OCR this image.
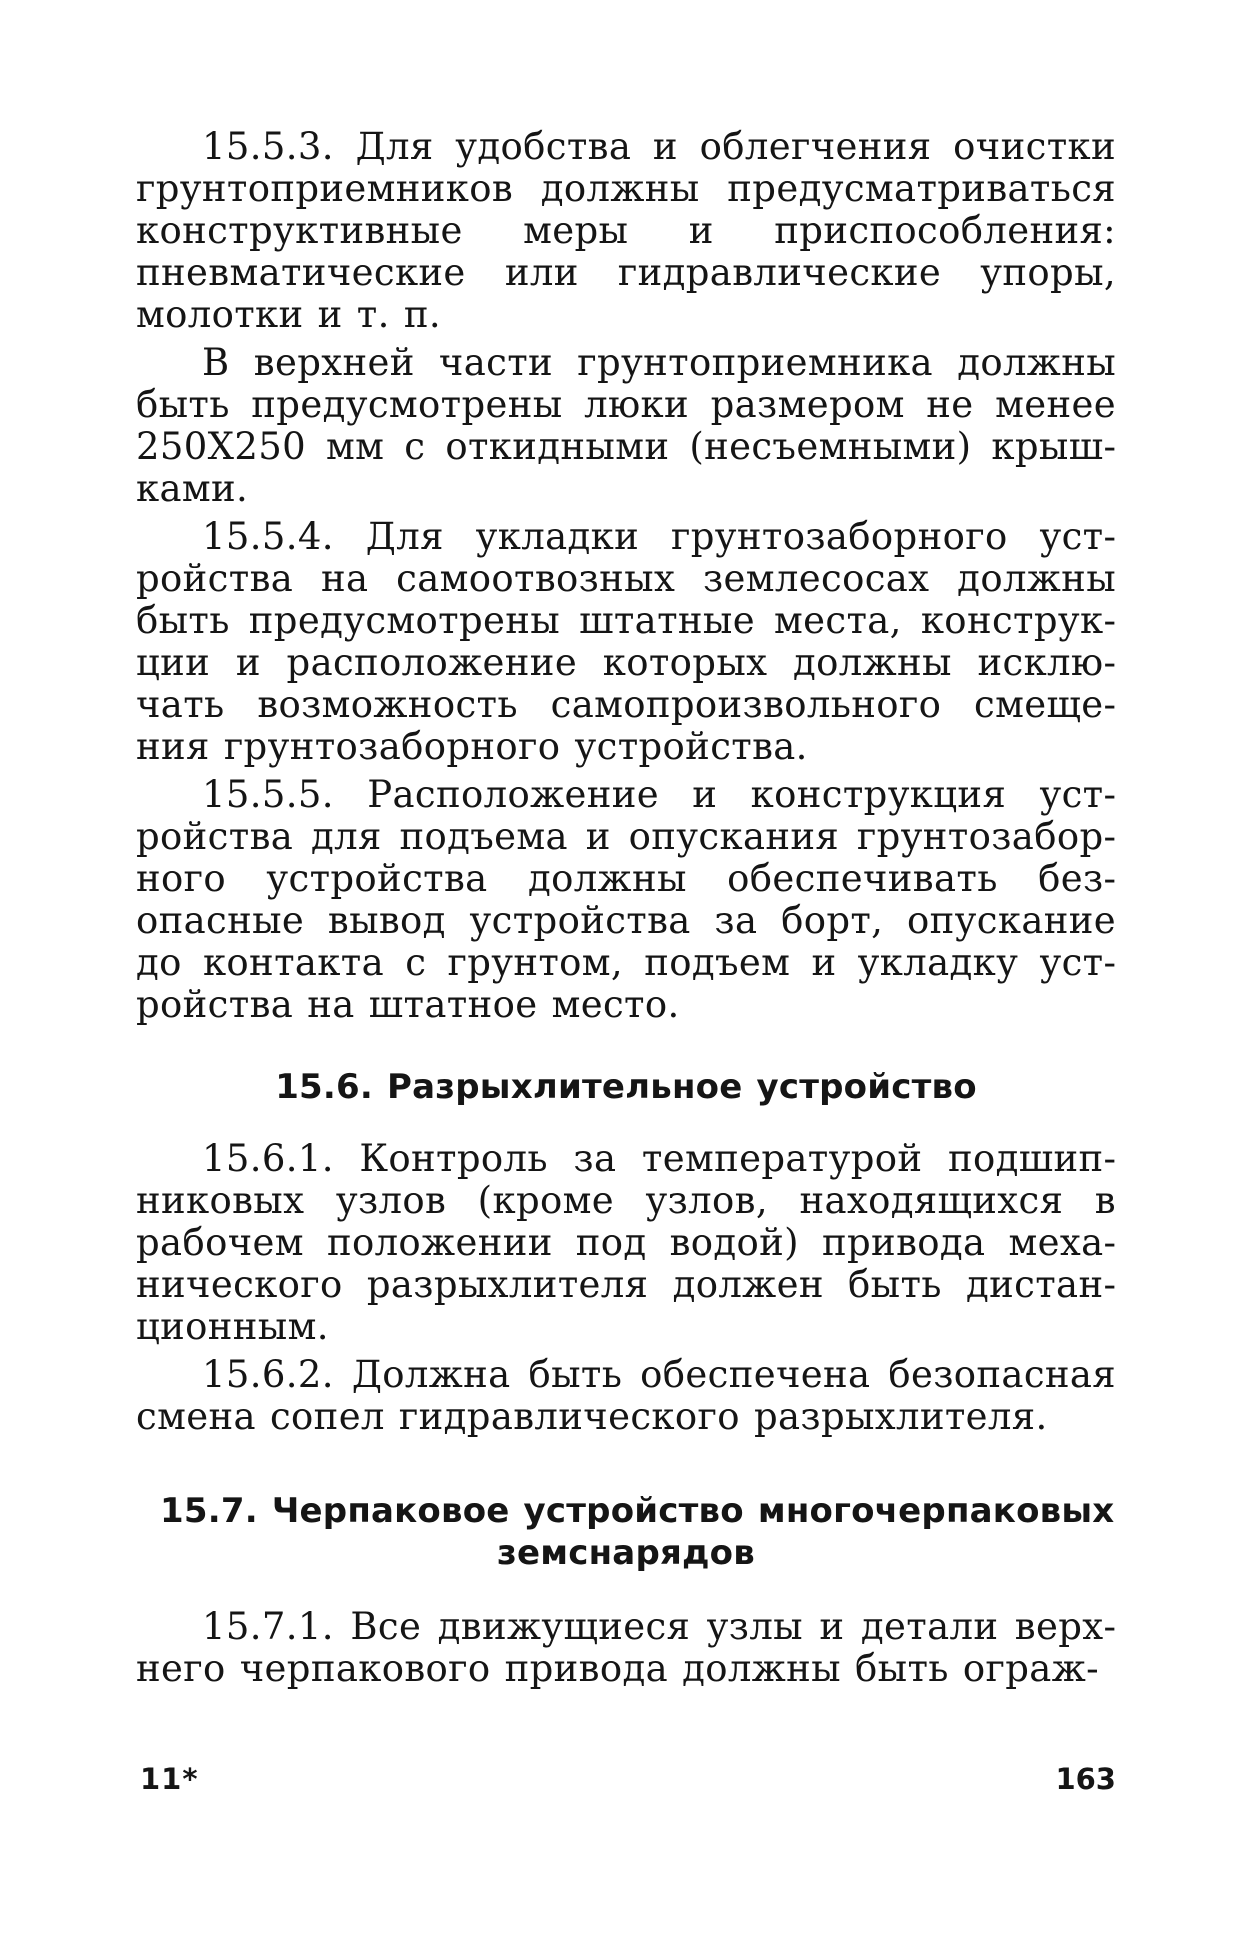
15.5.3. Для удобства и облегчения очистки грунтоприемников должны предусматриваться конструктивные меры и приспособления: пневматические или гидравлические упоры, молотки и т. п.

В верхней части грунтоприемника должны быть предусмотрены люки размером не менее 250Х250 мм с откидными (несъемными) крышками.

15.5.4. Для укладки грунтозаборного устройства на самоотвозных землесосах должны быть предусмотрены штатные места, конструкции и расположение которых должны исключать возможность самопроизвольного смещения грунтозаборного устройства.

15.5.5. Расположение и конструкция устройства для подъема и опускания грунтозаборного устройства должны обеспечивать безопасные вывод устройства за борт, опускание до контакта с грунтом, подъем и укладку устройства на штатное место.

15.6. Разрыхлительное устройство

15.6.1. Контроль за температурой подшипниковых узлов (кроме узлов, находящихся в рабочем положении под водой) привода механического разрыхлителя должен быть дистанционным.

15.6.2. Должна быть обеспечена безопасная смена сопел гидравлического разрыхлителя.

15.7. Черпаковое устройство многочерпаковых
земснарядов

15.7.1. Все движущиеся узлы и детали верхнего черпакового привода должны быть ограж-

11*	163
